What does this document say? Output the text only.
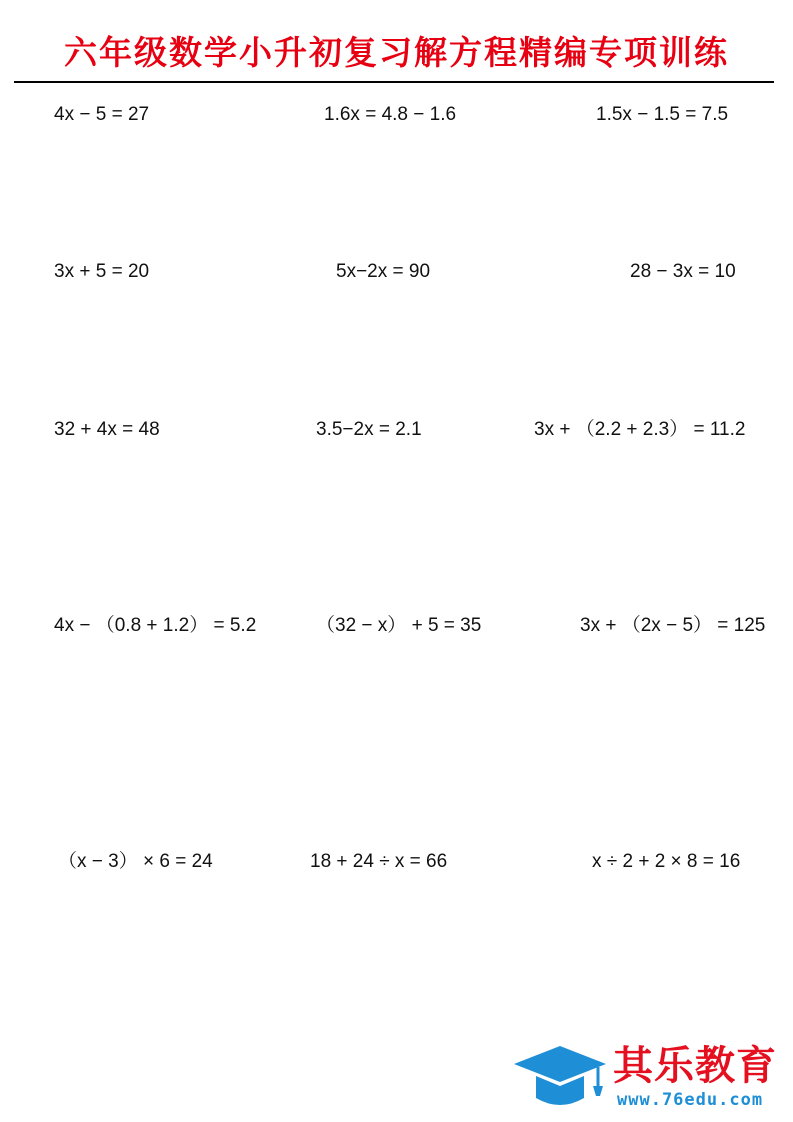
六年级数学小升初复习解方程精编专项训练
4x − 5 = 27	1.6x = 4.8 − 1.6	1.5x − 1.5 = 7.5
3x + 5 = 20	5x−2x = 90	28 − 3x = 10
32 + 4x = 48	3.5−2x = 2.1	3x + （2.2 + 2.3） = 11.2
4x − （0.8 + 1.2） = 5.2	（32 − x） + 5 = 35	3x + （2x − 5） = 125
（x − 3） × 6 = 24	18 + 24 ÷ x = 66	x ÷ 2 + 2 × 8 = 16
其乐教育
www.76edu.com
